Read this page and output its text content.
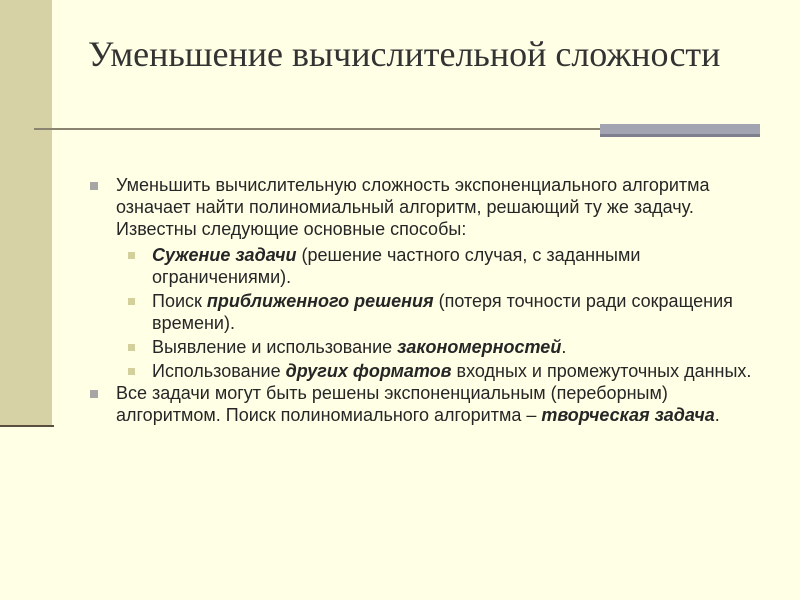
Уменьшение вычислительной сложности
Уменьшить вычислительную сложность экспоненциального алгоритма означает найти полиномиальный алгоритм, решающий ту же задачу. Известны следующие основные способы:
Сужение задачи (решение частного случая, с заданными ограничениями).
Поиск приближенного решения (потеря точности ради сокращения времени).
Выявление и использование закономерностей.
Использование других форматов входных и промежуточных данных.
Все задачи могут быть решены экспоненциальным (переборным) алгоритмом. Поиск полиномиального алгоритма – творческая задача.
